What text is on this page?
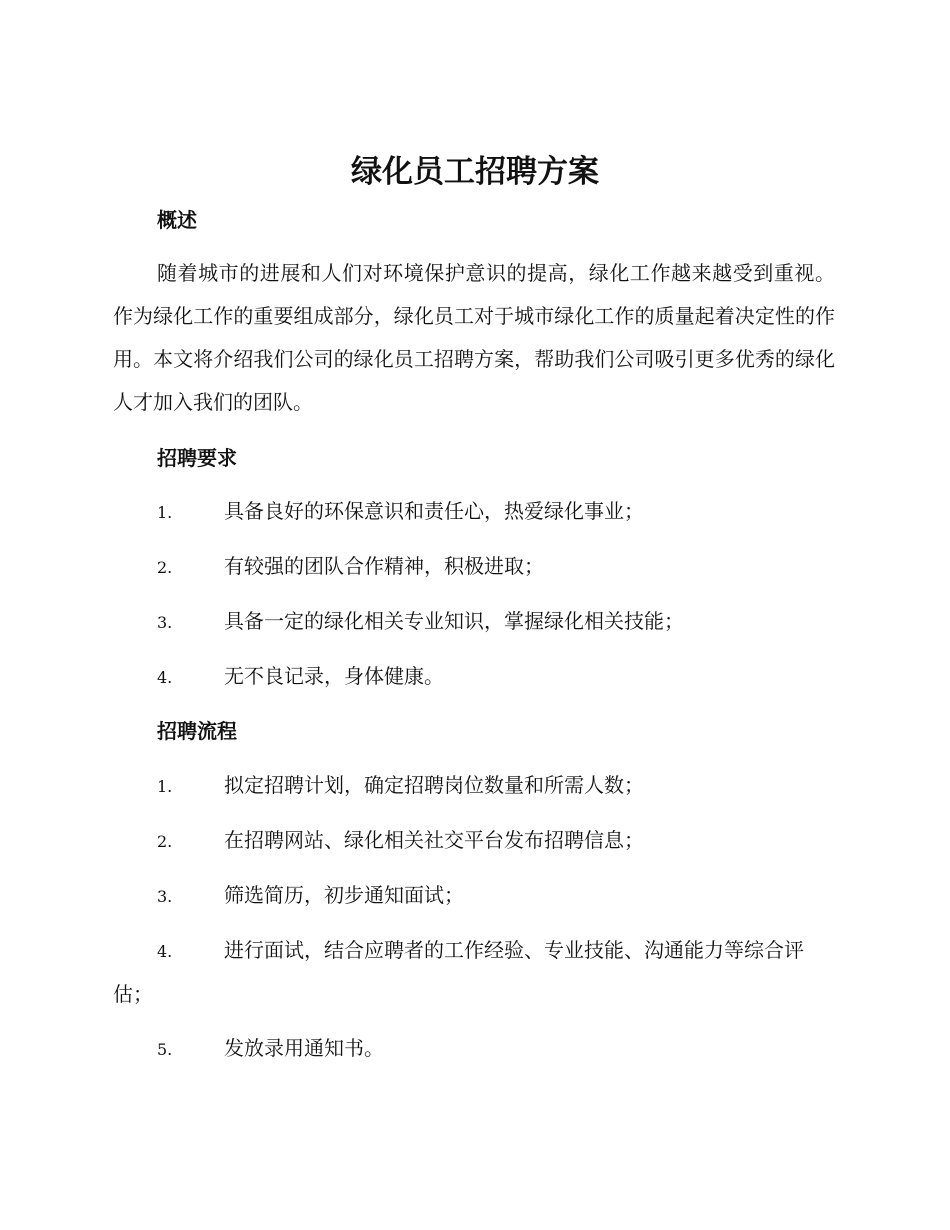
绿化员工招聘方案
概述

随着城市的进展和人们对环境保护意识的提高，绿化工作越来越受到重视。作为绿化工作的重要组成部分，绿化员工对于城市绿化工作的质量起着决定性的作用。本文将介绍我们公司的绿化员工招聘方案，帮助我们公司吸引更多优秀的绿化人才加入我们的团队。

招聘要求
1.	具备良好的环保意识和责任心，热爱绿化事业；
2.	有较强的团队合作精神，积极进取；
3.	具备一定的绿化相关专业知识，掌握绿化相关技能；
4.	无不良记录，身体健康。
招聘流程
1.	拟定招聘计划，确定招聘岗位数量和所需人数；
2.	在招聘网站、绿化相关社交平台发布招聘信息；
3.	筛选简历，初步通知面试；
4.	进行面试，结合应聘者的工作经验、专业技能、沟通能力等综合评估；
5.	发放录用通知书。
